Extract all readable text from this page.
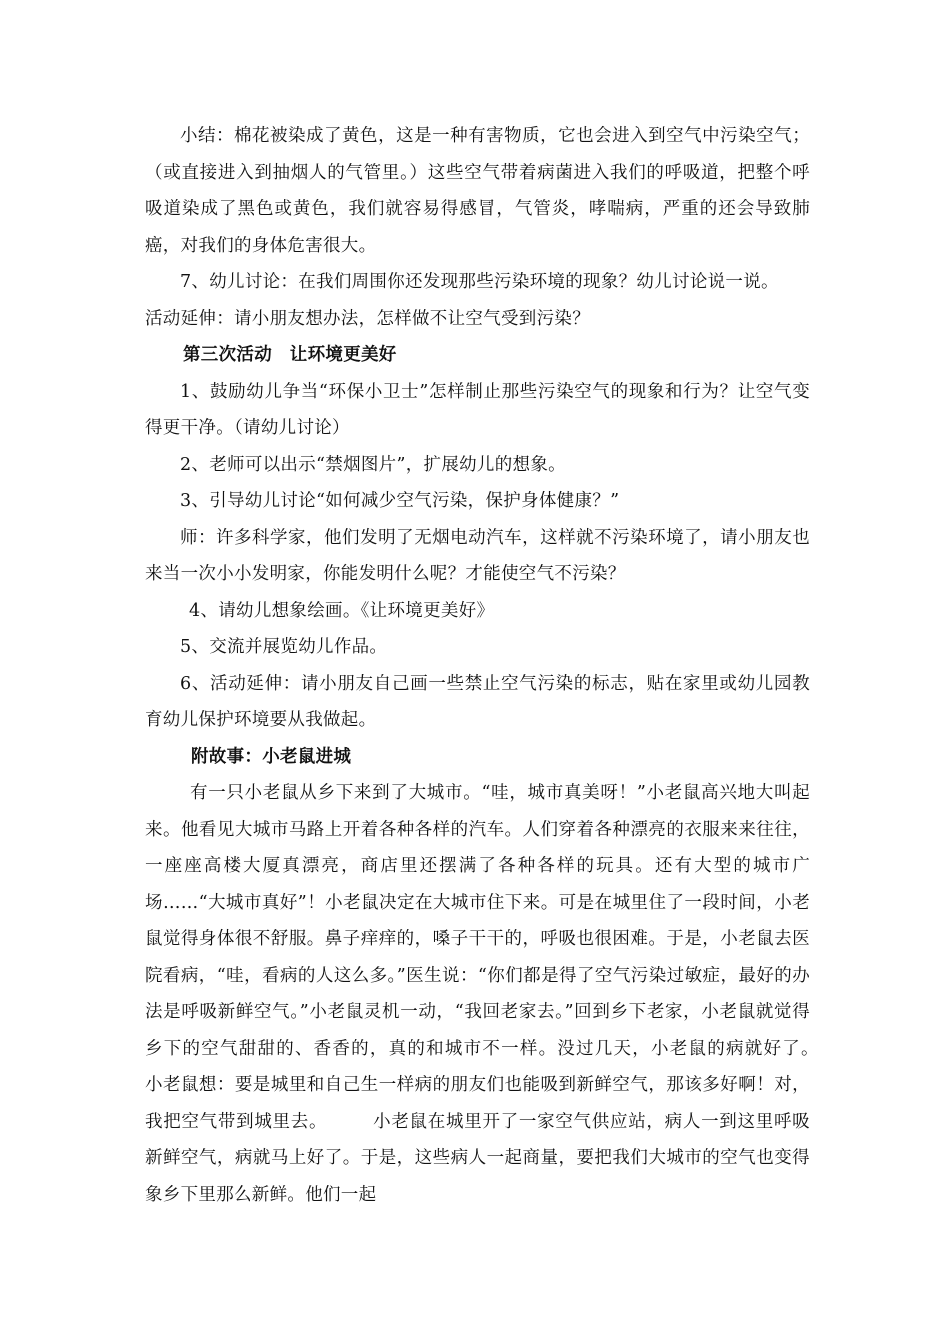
小结：棉花被染成了黄色，这是一种有害物质，它也会进入到空气中污染空气；（或直接进入到抽烟人的气管里。）这些空气带着病菌进入我们的呼吸道，把整个呼吸道染成了黑色或黄色，我们就容易得感冒，气管炎，哮喘病，严重的还会导致肺癌，对我们的身体危害很大。

7、幼儿讨论：在我们周围你还发现那些污染环境的现象？幼儿讨论说一说。

活动延伸：请小朋友想办法，怎样做不让空气受到污染？

第三次活动　让环境更美好

1、鼓励幼儿争当“环保小卫士”怎样制止那些污染空气的现象和行为？让空气变得更干净。（请幼儿讨论）

2、老师可以出示“禁烟图片”，扩展幼儿的想象。

3、引导幼儿讨论“如何减少空气污染，保护身体健康？”

师：许多科学家，他们发明了无烟电动汽车，这样就不污染环境了，请小朋友也来当一次小小发明家，你能发明什么呢？才能使空气不污染？

4、请幼儿想象绘画。《让环境更美好》

5、交流并展览幼儿作品。

6、活动延伸：请小朋友自己画一些禁止空气污染的标志，贴在家里或幼儿园教育幼儿保护环境要从我做起。

附故事：小老鼠进城

有一只小老鼠从乡下来到了大城市。“哇，城市真美呀！”小老鼠高兴地大叫起来。他看见大城市马路上开着各种各样的汽车。人们穿着各种漂亮的衣服来来往往，一座座高楼大厦真漂亮，商店里还摆满了各种各样的玩具。还有大型的城市广场……“大城市真好”！小老鼠决定在大城市住下来。可是在城里住了一段时间，小老鼠觉得身体很不舒服。鼻子痒痒的，嗓子干干的，呼吸也很困难。于是，小老鼠去医院看病，“哇，看病的人这么多。”医生说：“你们都是得了空气污染过敏症，最好的办法是呼吸新鲜空气。”小老鼠灵机一动，“我回老家去。”回到乡下老家，小老鼠就觉得乡下的空气甜甜的、香香的，真的和城市不一样。没过几天，小老鼠的病就好了。　　小老鼠想：要是城里和自己生一样病的朋友们也能吸到新鲜空气，那该多好啊！对，我把空气带到城里去。　　　小老鼠在城里开了一家空气供应站，病人一到这里呼吸新鲜空气，病就马上好了。于是，这些病人一起商量，要把我们大城市的空气也变得象乡下里那么新鲜。他们一起
